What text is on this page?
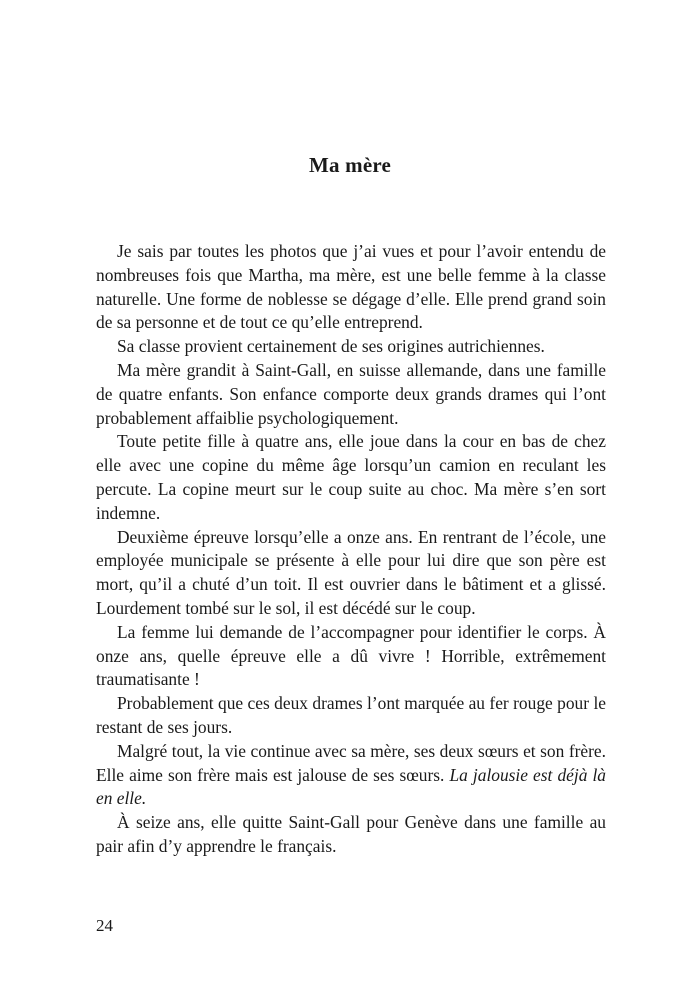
Ma mère

Je sais par toutes les photos que j’ai vues et pour l’avoir entendu de nombreuses fois que Martha, ma mère, est une belle femme à la classe naturelle. Une forme de noblesse se dégage d’elle. Elle prend grand soin de sa personne et de tout ce qu’elle entreprend.

Sa classe provient certainement de ses origines autrichiennes.

Ma mère grandit à Saint-Gall, en suisse allemande, dans une famille de quatre enfants. Son enfance comporte deux grands drames qui l’ont probablement affaiblie psychologiquement.

Toute petite fille à quatre ans, elle joue dans la cour en bas de chez elle avec une copine du même âge lorsqu’un camion en reculant les percute. La copine meurt sur le coup suite au choc. Ma mère s’en sort indemne.

Deuxième épreuve lorsqu’elle a onze ans. En rentrant de l’école, une employée municipale se présente à elle pour lui dire que son père est mort, qu’il a chuté d’un toit. Il est ouvrier dans le bâtiment et a glissé. Lourdement tombé sur le sol, il est décédé sur le coup.

La femme lui demande de l’accompagner pour identifier le corps. À onze ans, quelle épreuve elle a dû vivre ! Horrible, extrêmement traumatisante !

Probablement que ces deux drames l’ont marquée au fer rouge pour le restant de ses jours.

Malgré tout, la vie continue avec sa mère, ses deux sœurs et son frère. Elle aime son frère mais est jalouse de ses sœurs. La jalousie est déjà là en elle.

À seize ans, elle quitte Saint-Gall pour Genève dans une famille au pair afin d’y apprendre le français.

24
